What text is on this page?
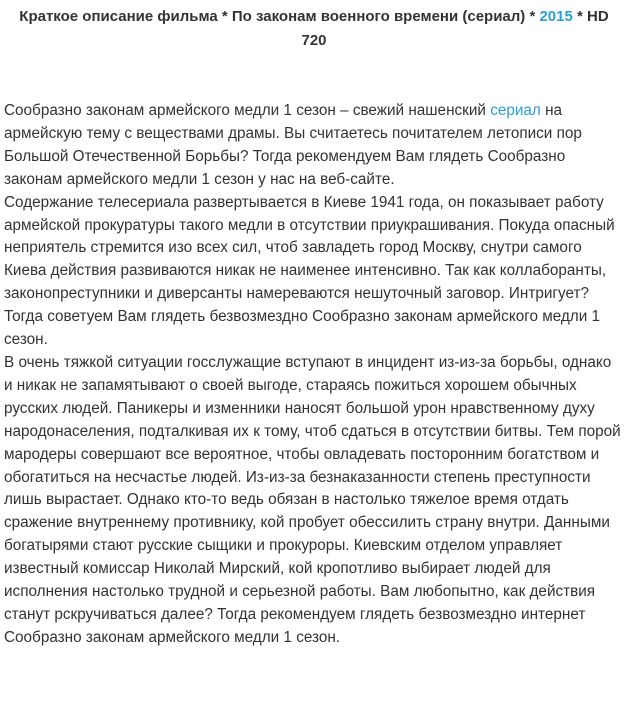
Краткое описание фильма * По законам военного времени (сериал) * 2015 * HD 720

Сообразно законам армейского медли 1 сезон – свежий нашенский сериал на армейскую тему с веществами драмы. Вы считаетесь почитателем летописи пор Большой Отечественной Борьбы? Тогда рекомендуем Вам глядеть Сообразно законам армейского медли 1 сезон у нас на веб-сайте.

Содержание телесериала развертывается в Киеве 1941 года, он показывает работу армейской прокуратуры такого медли в отсутствии приукрашивания. Покуда опасный неприятель стремится изо всех сил, чтоб завладеть город Москву, снутри самого Киева действия развиваются никак не наименее интенсивно. Так как коллаборанты, законопреступники и диверсанты намереваются нешуточный заговор. Интригует? Тогда советуем Вам глядеть безвозмездно Сообразно законам армейского медли 1 сезон.

В очень тяжкой ситуации госслужащие вступают в инцидент из-из-за борьбы, однако и никак не запамятывают о своей выгоде, стараясь пожиться хорошем обычных русских людей. Паникеры и изменники наносят большой урон нравственному духу народонаселения, подталкивая их к тому, чтоб сдаться в отсутствии битвы. Тем порой мародеры совершают все вероятное, чтобы овладевать посторонним богатством и обогатиться на несчастье людей. Из-из-за безнаказанности степень преступности лишь вырастает. Однако кто-то ведь обязан в настолько тяжелое время отдать сражение внутреннему противнику, кой пробует обессилить страну внутри. Данными богатырями стают русские сыщики и прокуроры. Киевским отделом управляет известный комиссар Николай Мирский, кой кропотливо выбирает людей для исполнения настолько трудной и серьезной работы. Вам любопытно, как действия станут рскручиваться далее? Тогда рекомендуем глядеть безвозмездно интернет Сообразно законам армейского медли 1 сезон.
